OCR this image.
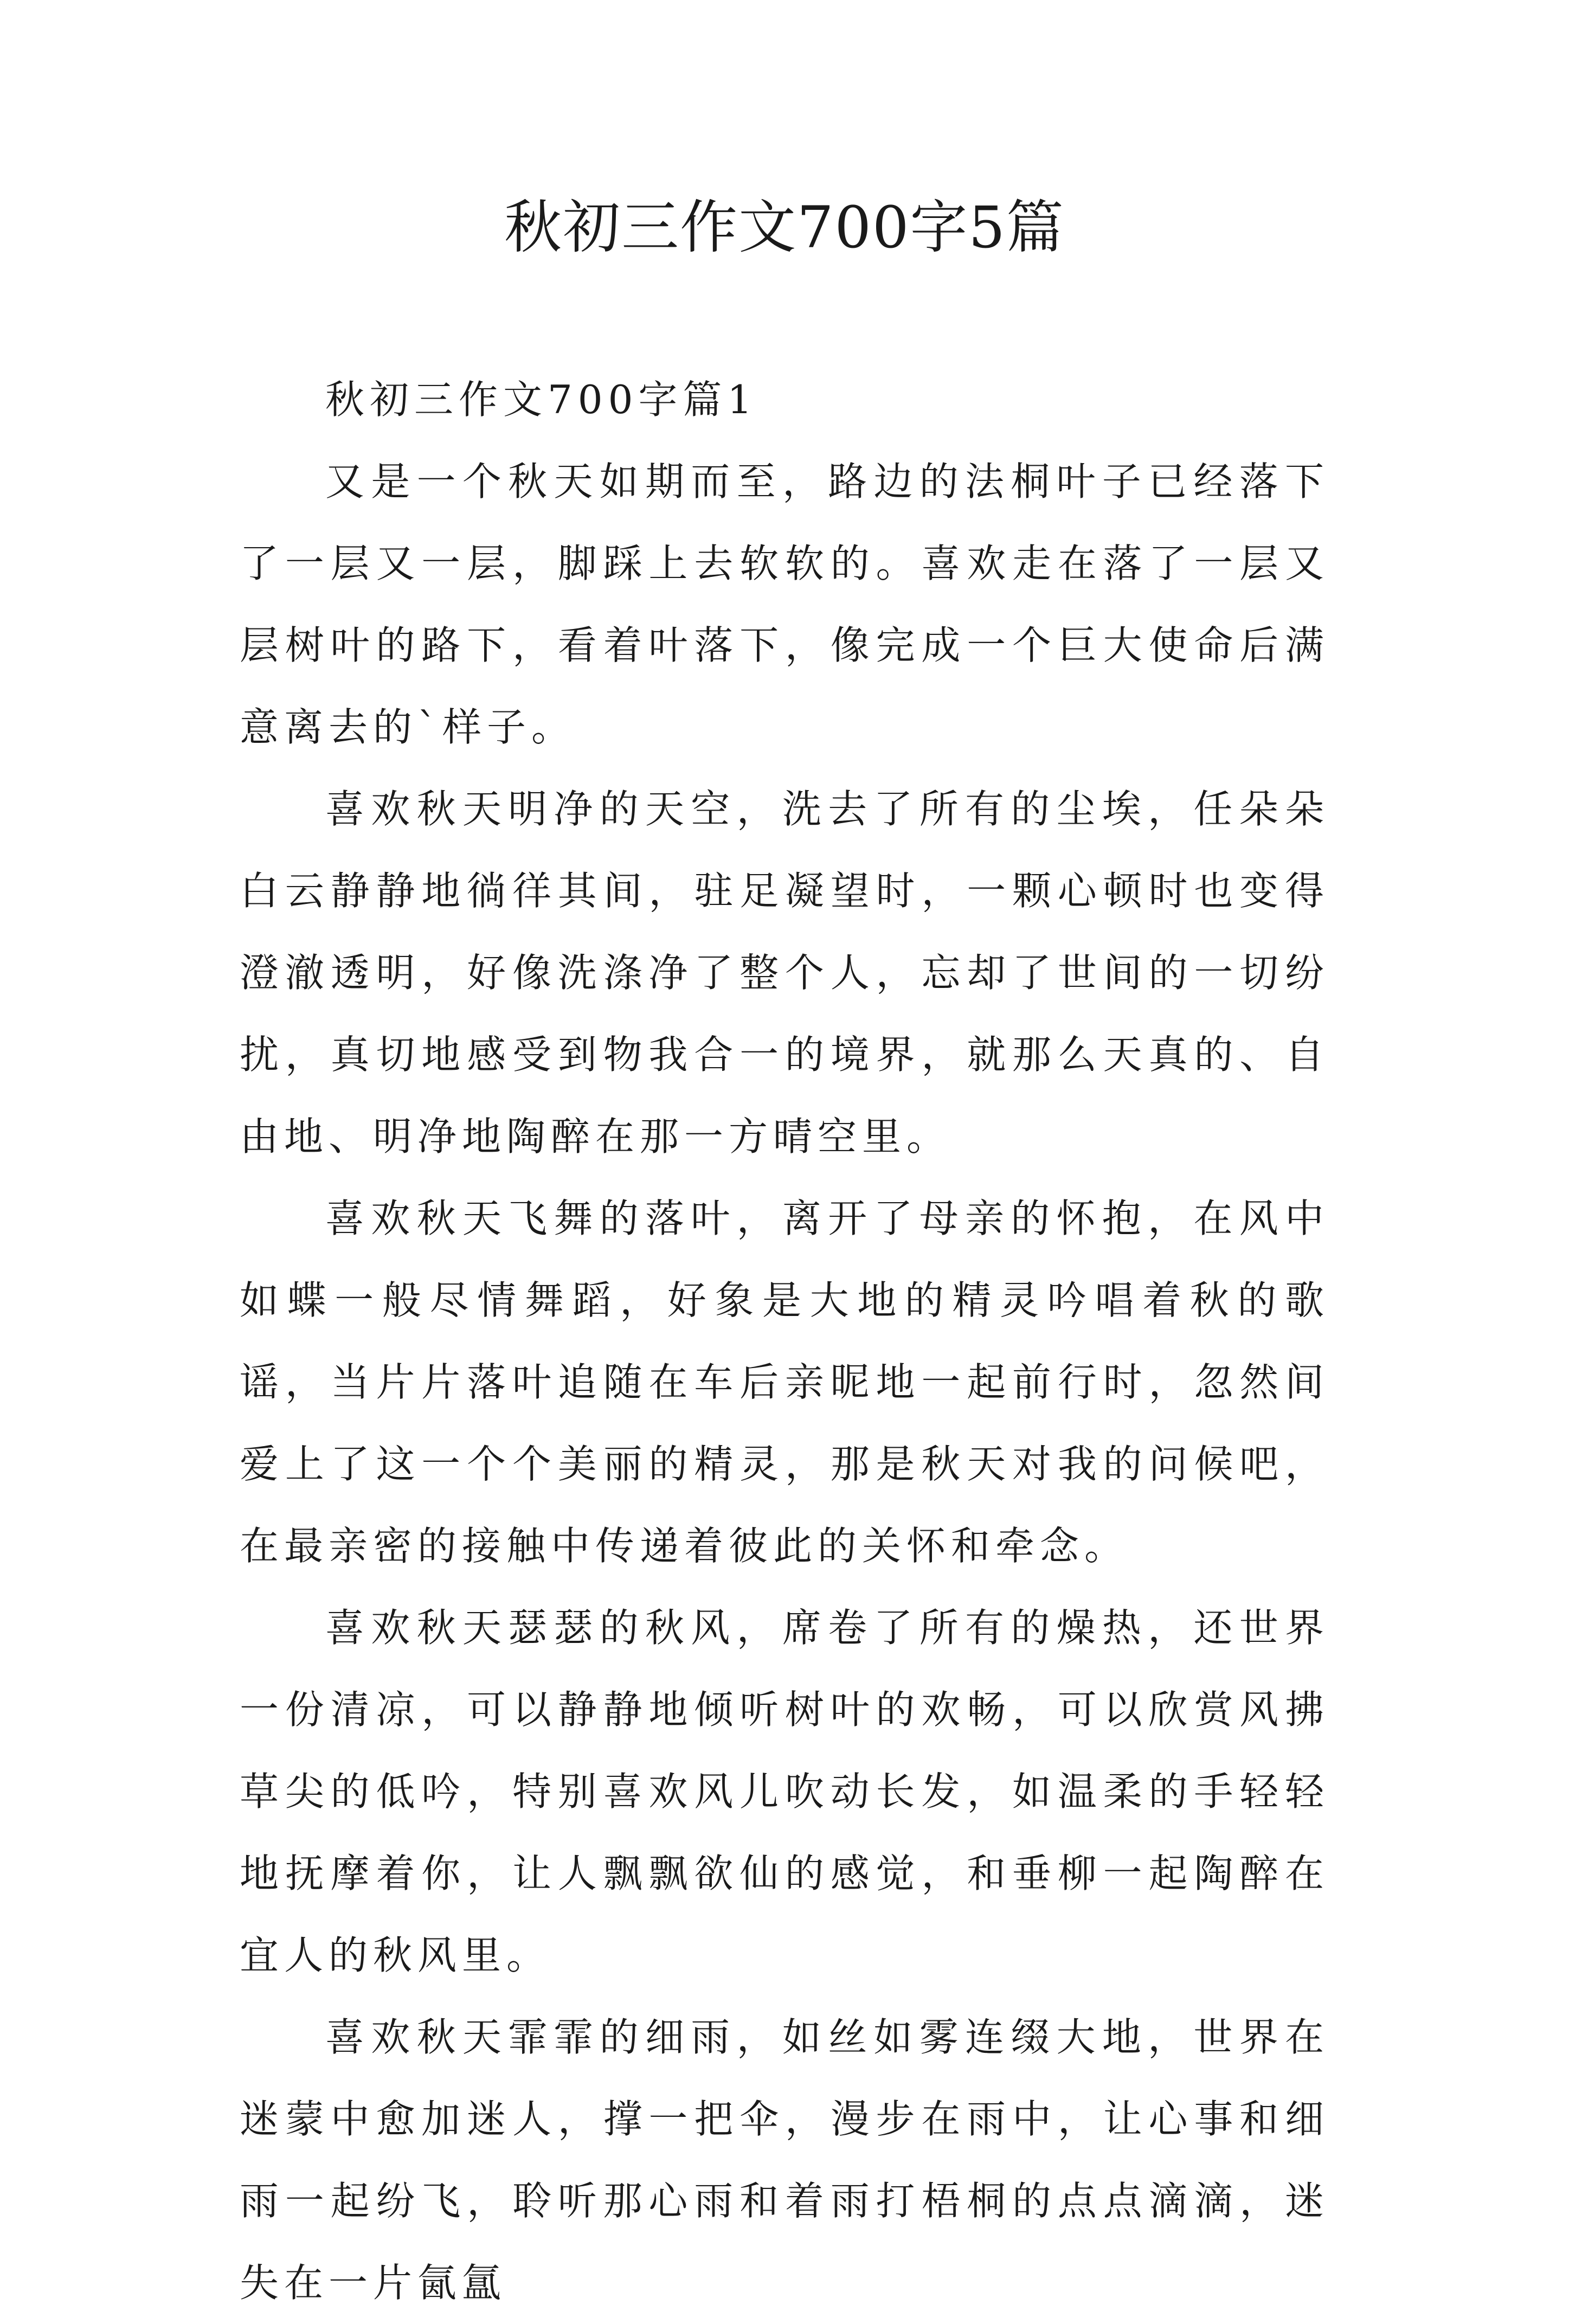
秋初三作文700字5篇

秋初三作文700字篇1

又是一个秋天如期而至，路边的法桐叶子已经落下了一层又一层，脚踩上去软软的。喜欢走在落了一层又层树叶的路下，看着叶落下，像完成一个巨大使命后满意离去的`样子。

喜欢秋天明净的天空，洗去了所有的尘埃，任朵朵白云静静地徜徉其间，驻足凝望时，一颗心顿时也变得澄澈透明，好像洗涤净了整个人，忘却了世间的一切纷扰，真切地感受到物我合一的境界，就那么天真的、自由地、明净地陶醉在那一方晴空里。

喜欢秋天飞舞的落叶，离开了母亲的怀抱，在风中如蝶一般尽情舞蹈，好象是大地的精灵吟唱着秋的歌谣，当片片落叶追随在车后亲昵地一起前行时，忽然间爱上了这一个个美丽的精灵，那是秋天对我的问候吧，在最亲密的接触中传递着彼此的关怀和牵念。

喜欢秋天瑟瑟的秋风，席卷了所有的燥热，还世界一份清凉，可以静静地倾听树叶的欢畅，可以欣赏风拂草尖的低吟，特别喜欢风儿吹动长发，如温柔的手轻轻地抚摩着你，让人飘飘欲仙的感觉，和垂柳一起陶醉在宜人的秋风里。

喜欢秋天霏霏的细雨，如丝如雾连缀大地，世界在迷蒙中愈加迷人，撑一把伞，漫步在雨中，让心事和细雨一起纷飞，聆听那心雨和着雨打梧桐的点点滴滴，迷失在一片氤氲
